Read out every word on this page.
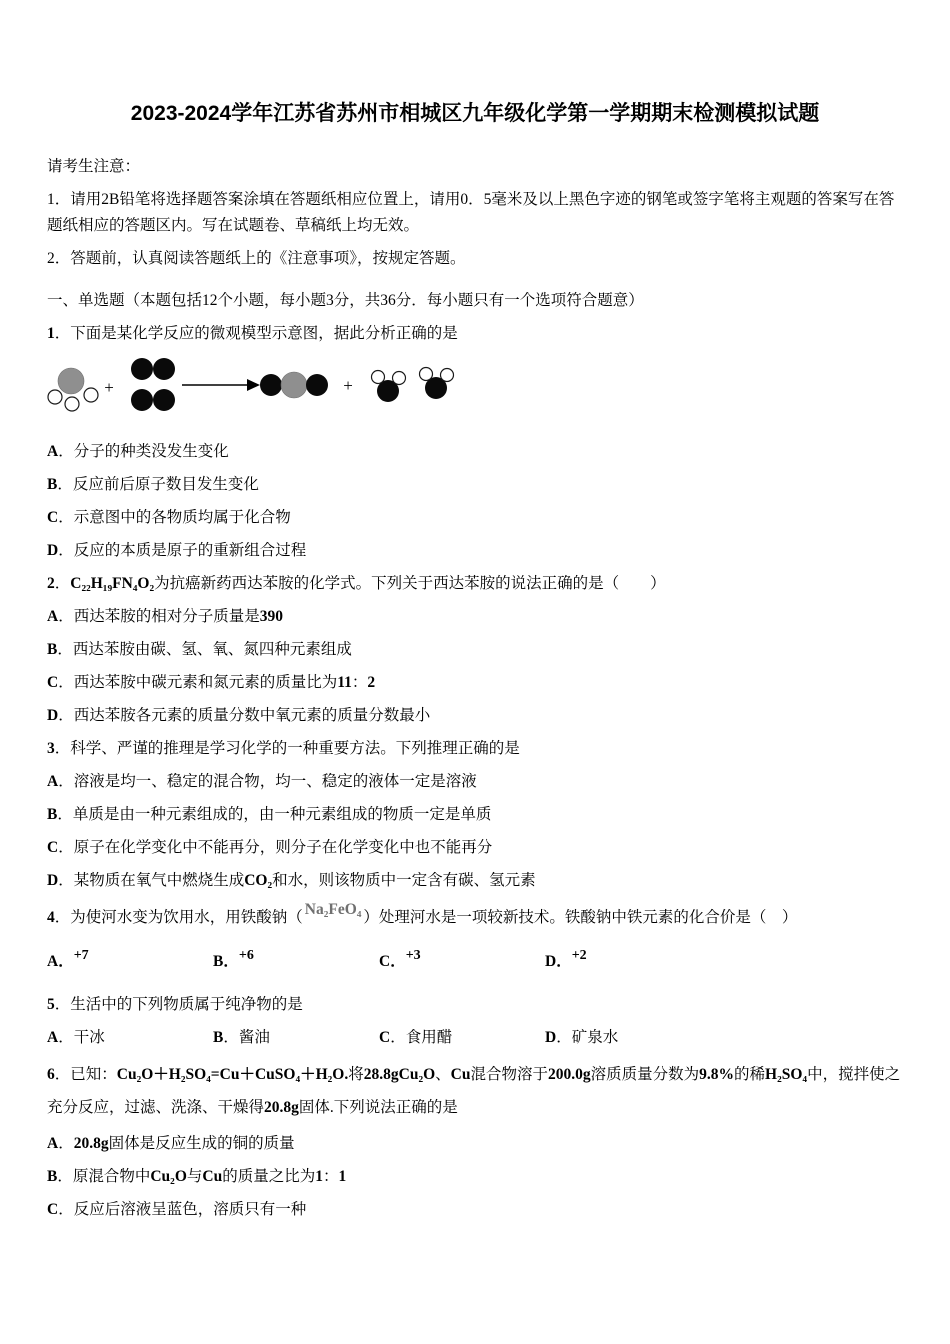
2023-2024学年江苏省苏州市相城区九年级化学第一学期期末检测模拟试题

请考生注意：

1．请用2B铅笔将选择题答案涂填在答题纸相应位置上，请用0．5毫米及以上黑色字迹的钢笔或签字笔将主观题的答案写在答题纸相应的答题区内。写在试题卷、草稿纸上均无效。

2．答题前，认真阅读答题纸上的《注意事项》，按规定答题。

一、单选题（本题包括12个小题，每小题3分，共36分．每小题只有一个选项符合题意）

1．下面是某化学反应的微观模型示意图，据此分析正确的是

+	+

A．分子的种类没发生变化

B．反应前后原子数目发生变化

C．示意图中的各物质均属于化合物

D．反应的本质是原子的重新组合过程

2．C₂₂H₁₉FN₄O₂为抗癌新药西达苯胺的化学式。下列关于西达苯胺的说法正确的是（　　）

A．西达苯胺的相对分子质量是390

B．西达苯胺由碳、氢、氧、氮四种元素组成

C．西达苯胺中碳元素和氮元素的质量比为11：2

D．西达苯胺各元素的质量分数中氧元素的质量分数最小

3．科学、严谨的推理是学习化学的一种重要方法。下列推理正确的是

A．溶液是均一、稳定的混合物，均一、稳定的液体一定是溶液

B．单质是由一种元素组成的，由一种元素组成的物质一定是单质

C．原子在化学变化中不能再分，则分子在化学变化中也不能再分

D．某物质在氧气中燃烧生成CO₂和水，则该物质中一定含有碳、氢元素

4．为使河水变为饮用水，用铁酸钠（ Na₂FeO₄ ）处理河水是一项较新技术。铁酸钠中铁元素的化合价是（　）

A．+7	B．+6	C．+3	D．+2

5．生活中的下列物质属于纯净物的是

A．干冰	B．酱油	C．食用醋	D．矿泉水

6．已知：Cu₂O＋H₂SO₄=Cu＋CuSO₄＋H₂O.将28.8gCu₂O、Cu混合物溶于200.0g溶质质量分数为9.8%的稀H₂SO₄中，搅拌使之充分反应，过滤、洗涤、干燥得20.8g固体.下列说法正确的是

A．20.8g固体是反应生成的铜的质量

B．原混合物中Cu₂O与Cu的质量之比为1：1

C．反应后溶液呈蓝色，溶质只有一种
